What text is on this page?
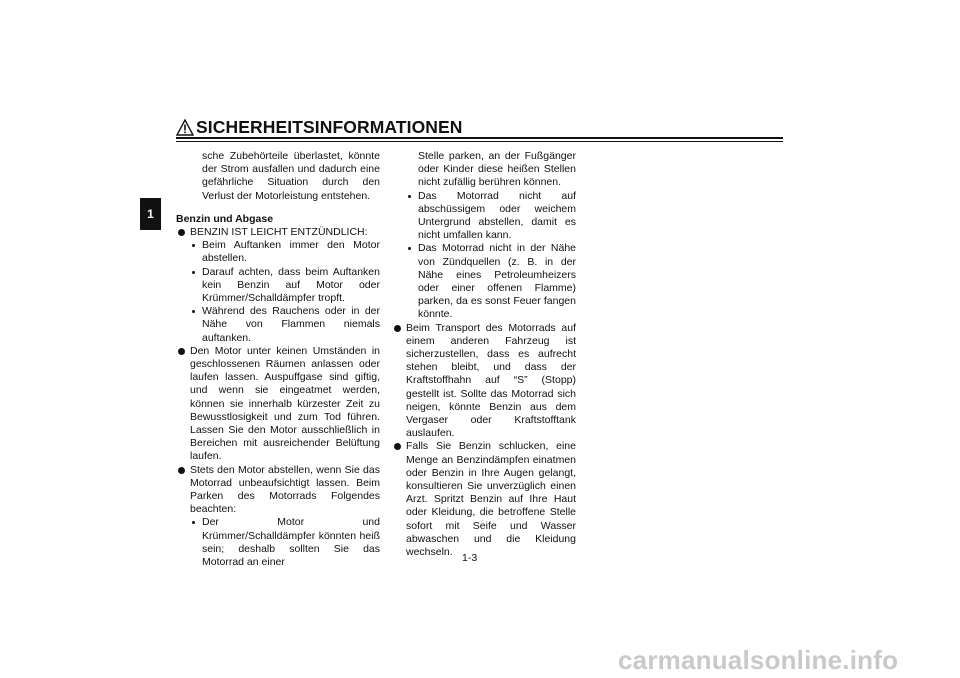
SICHERHEITSINFORMATIONEN
1

sche Zubehörteile überlastet, könnte der Strom ausfallen und dadurch eine gefährliche Situation durch den Verlust der Motorleistung entstehen.

Benzin und Abgase

BENZIN IST LEICHT ENTZÜNDLICH:

Beim Auftanken immer den Motor abstellen.

Darauf achten, dass beim Auftanken kein Benzin auf Motor oder Krümmer/Schalldämpfer tropft.

Während des Rauchens oder in der Nähe von Flammen niemals auftanken.

Den Motor unter keinen Umständen in geschlossenen Räumen anlassen oder laufen lassen. Auspuffgase sind giftig, und wenn sie eingeatmet werden, können sie innerhalb kürzester Zeit zu Bewusstlosigkeit und zum Tod führen. Lassen Sie den Motor ausschließlich in Bereichen mit ausreichender Belüftung laufen.

Stets den Motor abstellen, wenn Sie das Motorrad unbeaufsichtigt lassen. Beim Parken des Motorrads Folgendes beachten:

Der Motor und Krümmer/Schalldämpfer könnten heiß sein; deshalb sollten Sie das Motorrad an einer

Stelle parken, an der Fußgänger oder Kinder diese heißen Stellen nicht zufällig berühren können.

Das Motorrad nicht auf abschüssigem oder weichem Untergrund abstellen, damit es nicht umfallen kann.

Das Motorrad nicht in der Nähe von Zündquellen (z. B. in der Nähe eines Petroleumheizers oder einer offenen Flamme) parken, da es sonst Feuer fangen könnte.

Beim Transport des Motorrads auf einem anderen Fahrzeug ist sicherzustellen, dass es aufrecht stehen bleibt, und dass der Kraftstoffhahn auf “S” (Stopp) gestellt ist. Sollte das Motorrad sich neigen, könnte Benzin aus dem Vergaser oder Kraftstofftank auslaufen.

Falls Sie Benzin schlucken, eine Menge an Benzindämpfen einatmen oder Benzin in Ihre Augen gelangt, konsultieren Sie unverzüglich einen Arzt. Spritzt Benzin auf Ihre Haut oder Kleidung, die betroffene Stelle sofort mit Seife und Wasser abwaschen und die Kleidung wechseln. 1-3
carmanualsonline.info
